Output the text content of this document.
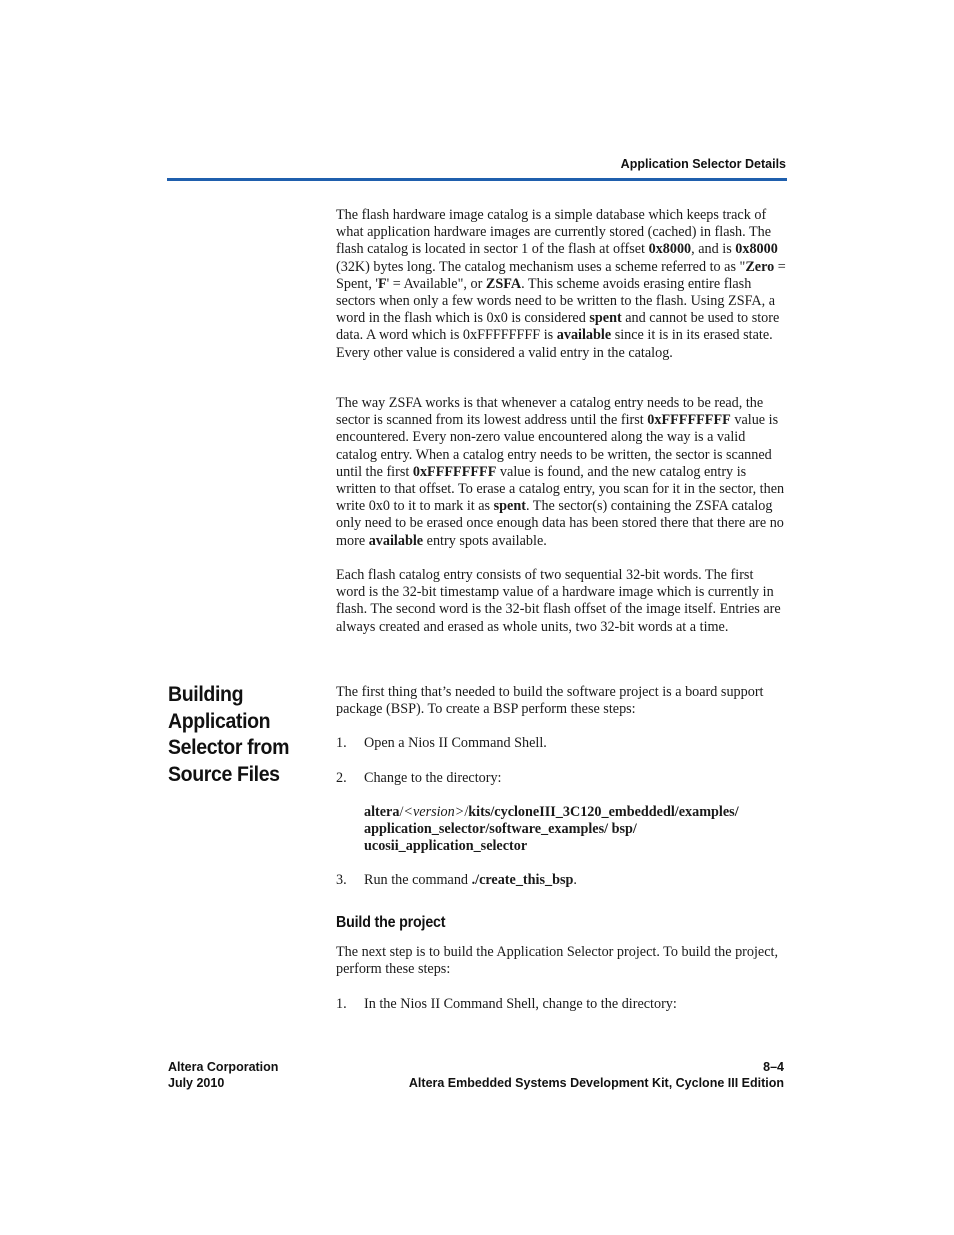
Application Selector Details
The flash hardware image catalog is a simple database which keeps track of what application hardware images are currently stored (cached) in flash. The flash catalog is located in sector 1 of the flash at offset 0x8000, and is 0x8000 (32K) bytes long. The catalog mechanism uses a scheme referred to as "Zero = Spent, 'F' = Available", or ZSFA. This scheme avoids erasing entire flash sectors when only a few words need to be written to the flash. Using ZSFA, a word in the flash which is 0x0 is considered spent and cannot be used to store data. A word which is 0xFFFFFFFF is available since it is in its erased state. Every other value is considered a valid entry in the catalog.
The way ZSFA works is that whenever a catalog entry needs to be read, the sector is scanned from its lowest address until the first 0xFFFFFFFF value is encountered. Every non-zero value encountered along the way is a valid catalog entry. When a catalog entry needs to be written, the sector is scanned until the first 0xFFFFFFFF value is found, and the new catalog entry is written to that offset. To erase a catalog entry, you scan for it in the sector, then write 0x0 to it to mark it as spent. The sector(s) containing the ZSFA catalog only need to be erased once enough data has been stored there that there are no more available entry spots available.
Each flash catalog entry consists of two sequential 32-bit words. The first word is the 32-bit timestamp value of a hardware image which is currently in flash. The second word is the 32-bit flash offset of the image itself. Entries are always created and erased as whole units, two 32-bit words at a time.
Building Application Selector from Source Files
The first thing that’s needed to build the software project is a board support package (BSP). To create a BSP perform these steps:
1. Open a Nios II Command Shell.
2. Change to the directory:
altera/<version>/kits/cycloneIII_3C120_embeddedl/examples/ application_selector/software_examples/ bsp/ ucosii_application_selector
3. Run the command ./create_this_bsp.
Build the project
The next step is to build the Application Selector project. To build the project, perform these steps:
1. In the Nios II Command Shell, change to the directory:
Altera Corporation
July 2010
8–4
Altera Embedded Systems Development Kit, Cyclone III Edition
